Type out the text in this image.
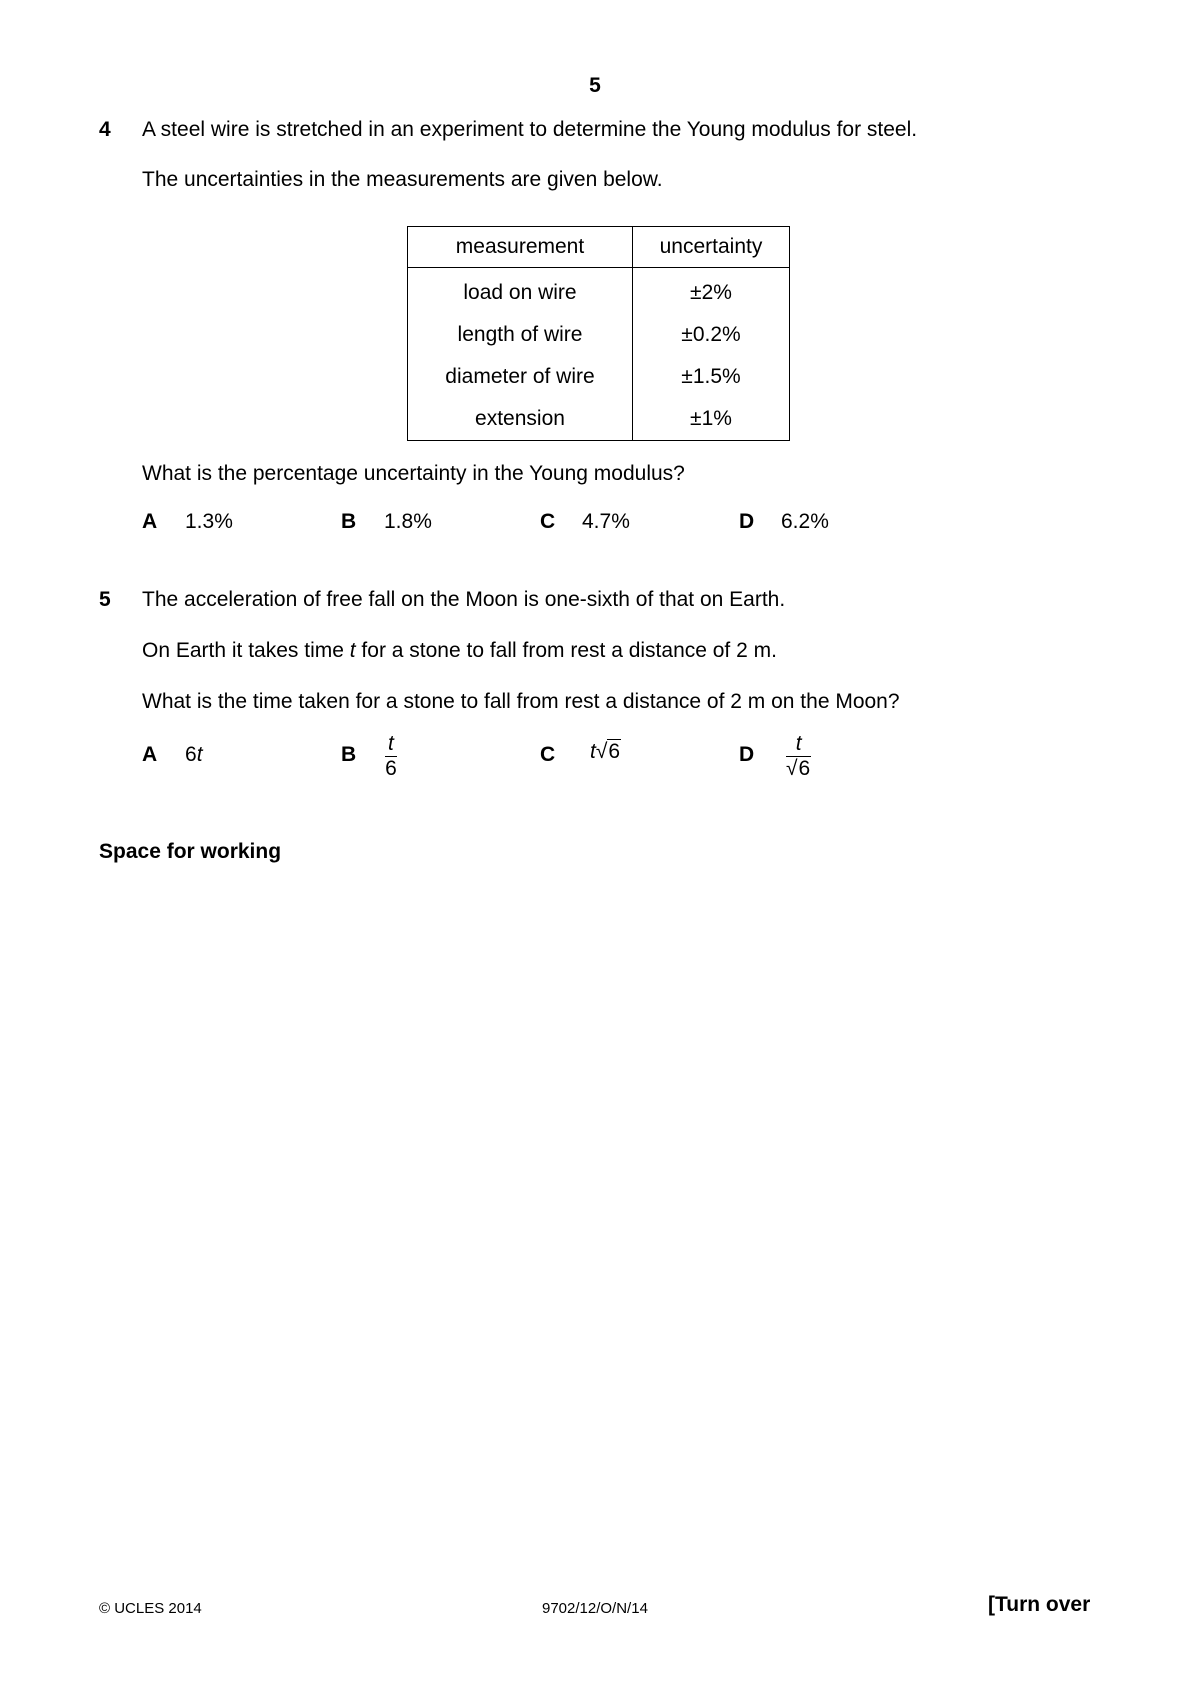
5
4 A steel wire is stretched in an experiment to determine the Young modulus for steel.
The uncertainties in the measurements are given below.
measurement	uncertainty
load on wire	±2%
length of wire	±0.2%
diameter of wire	±1.5%
extension	±1%
What is the percentage uncertainty in the Young modulus?
A 1.3%	B 1.8%	C 4.7%	D 6.2%
5 The acceleration of free fall on the Moon is one-sixth of that on Earth.
On Earth it takes time t for a stone to fall from rest a distance of 2 m.
What is the time taken for a stone to fall from rest a distance of 2 m on the Moon?
A 6t	B $\frac{t}{6}$	C t√6	D $\frac{t}{√6}$
Space for working
© UCLES 2014	9702/12/O/N/14	[Turn over
